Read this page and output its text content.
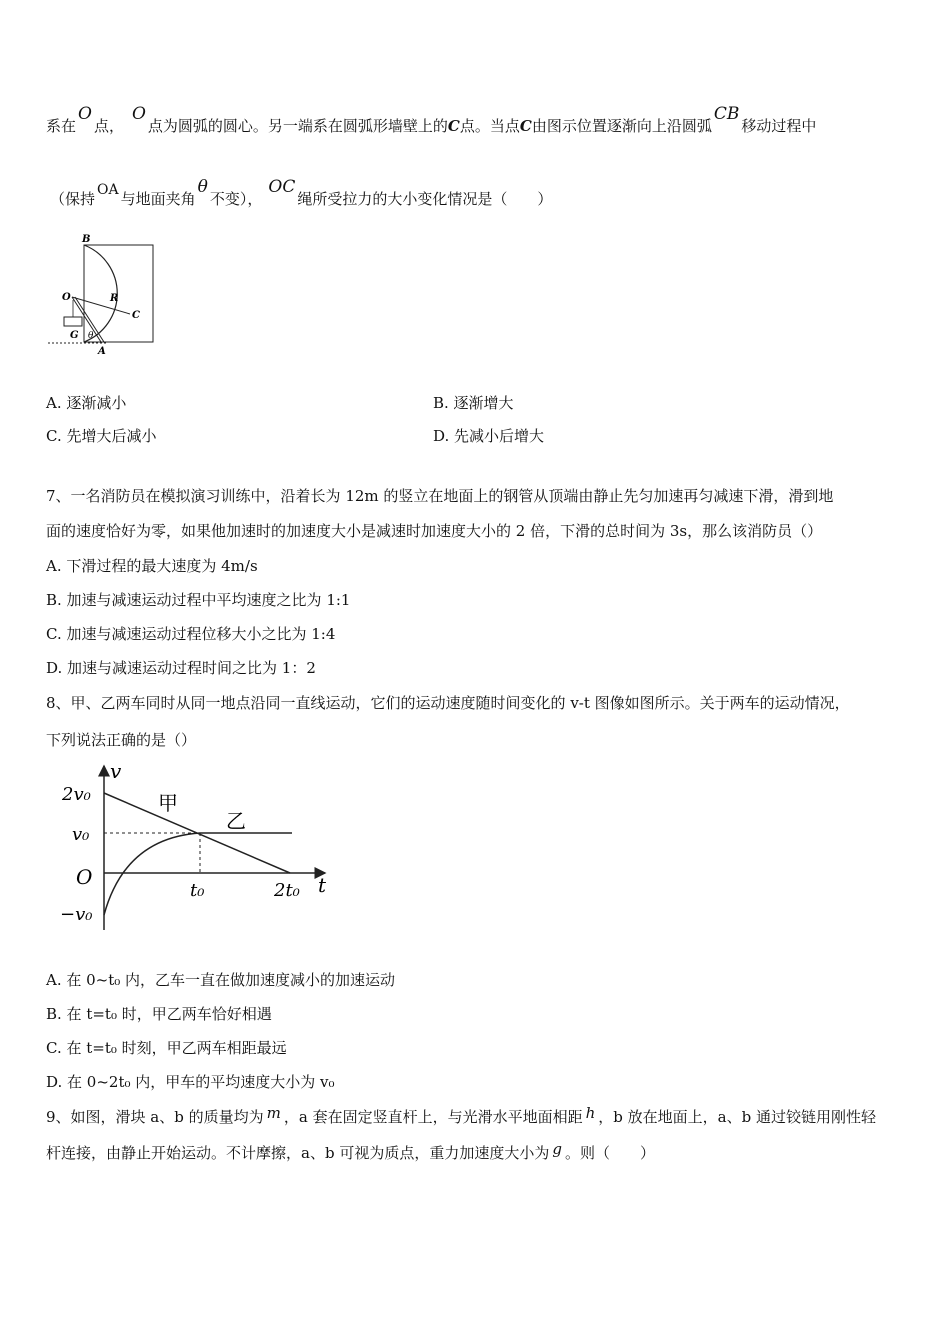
系在O点，O点为圆弧的圆心。另一端系在圆弧形墙壁上的C点。当点C由图示位置逐渐向上沿圆弧CB移动过程中
（保持 OA 与地面夹角θ不变），OC绳所受拉力的大小变化情况是（　　）
B
O	R
C
G θ
A
A. 逐渐减小	B. 逐渐增大
C. 先增大后减小	D. 先减小后增大
7、一名消防员在模拟演习训练中，沿着长为 12m 的竖立在地面上的钢管从顶端由静止先匀加速再匀减速下滑，滑到地
面的速度恰好为零，如果他加速时的加速度大小是减速时加速度大小的 2 倍，下滑的总时间为 3s，那么该消防员（）
A. 下滑过程的最大速度为 4m/s
B. 加速与减速运动过程中平均速度之比为 1:1
C. 加速与减速运动过程位移大小之比为 1:4
D. 加速与减速运动过程时间之比为 1：2
8、甲、乙两车同时从同一地点沿同一直线运动，它们的运动速度随时间变化的 v-t 图像如图所示。关于两车的运动情况，
下列说法正确的是（）
v
t
O
2v₀
v₀
−v₀
t₀	2t₀
甲
乙
A. 在 0~t₀ 内，乙车一直在做加速度减小的加速运动
B. 在 t=t₀ 时，甲乙两车恰好相遇
C. 在 t=t₀ 时刻，甲乙两车相距最远
D. 在 0~2t₀ 内，甲车的平均速度大小为 v₀
9、如图，滑块 a、b 的质量均为 m ，a 套在固定竖直杆上，与光滑水平地面相距 h ，b 放在地面上，a、b 通过铰链用刚性轻
杆连接，由静止开始运动。不计摩擦，a、b 可视为质点，重力加速度大小为 g 。则（　　）
